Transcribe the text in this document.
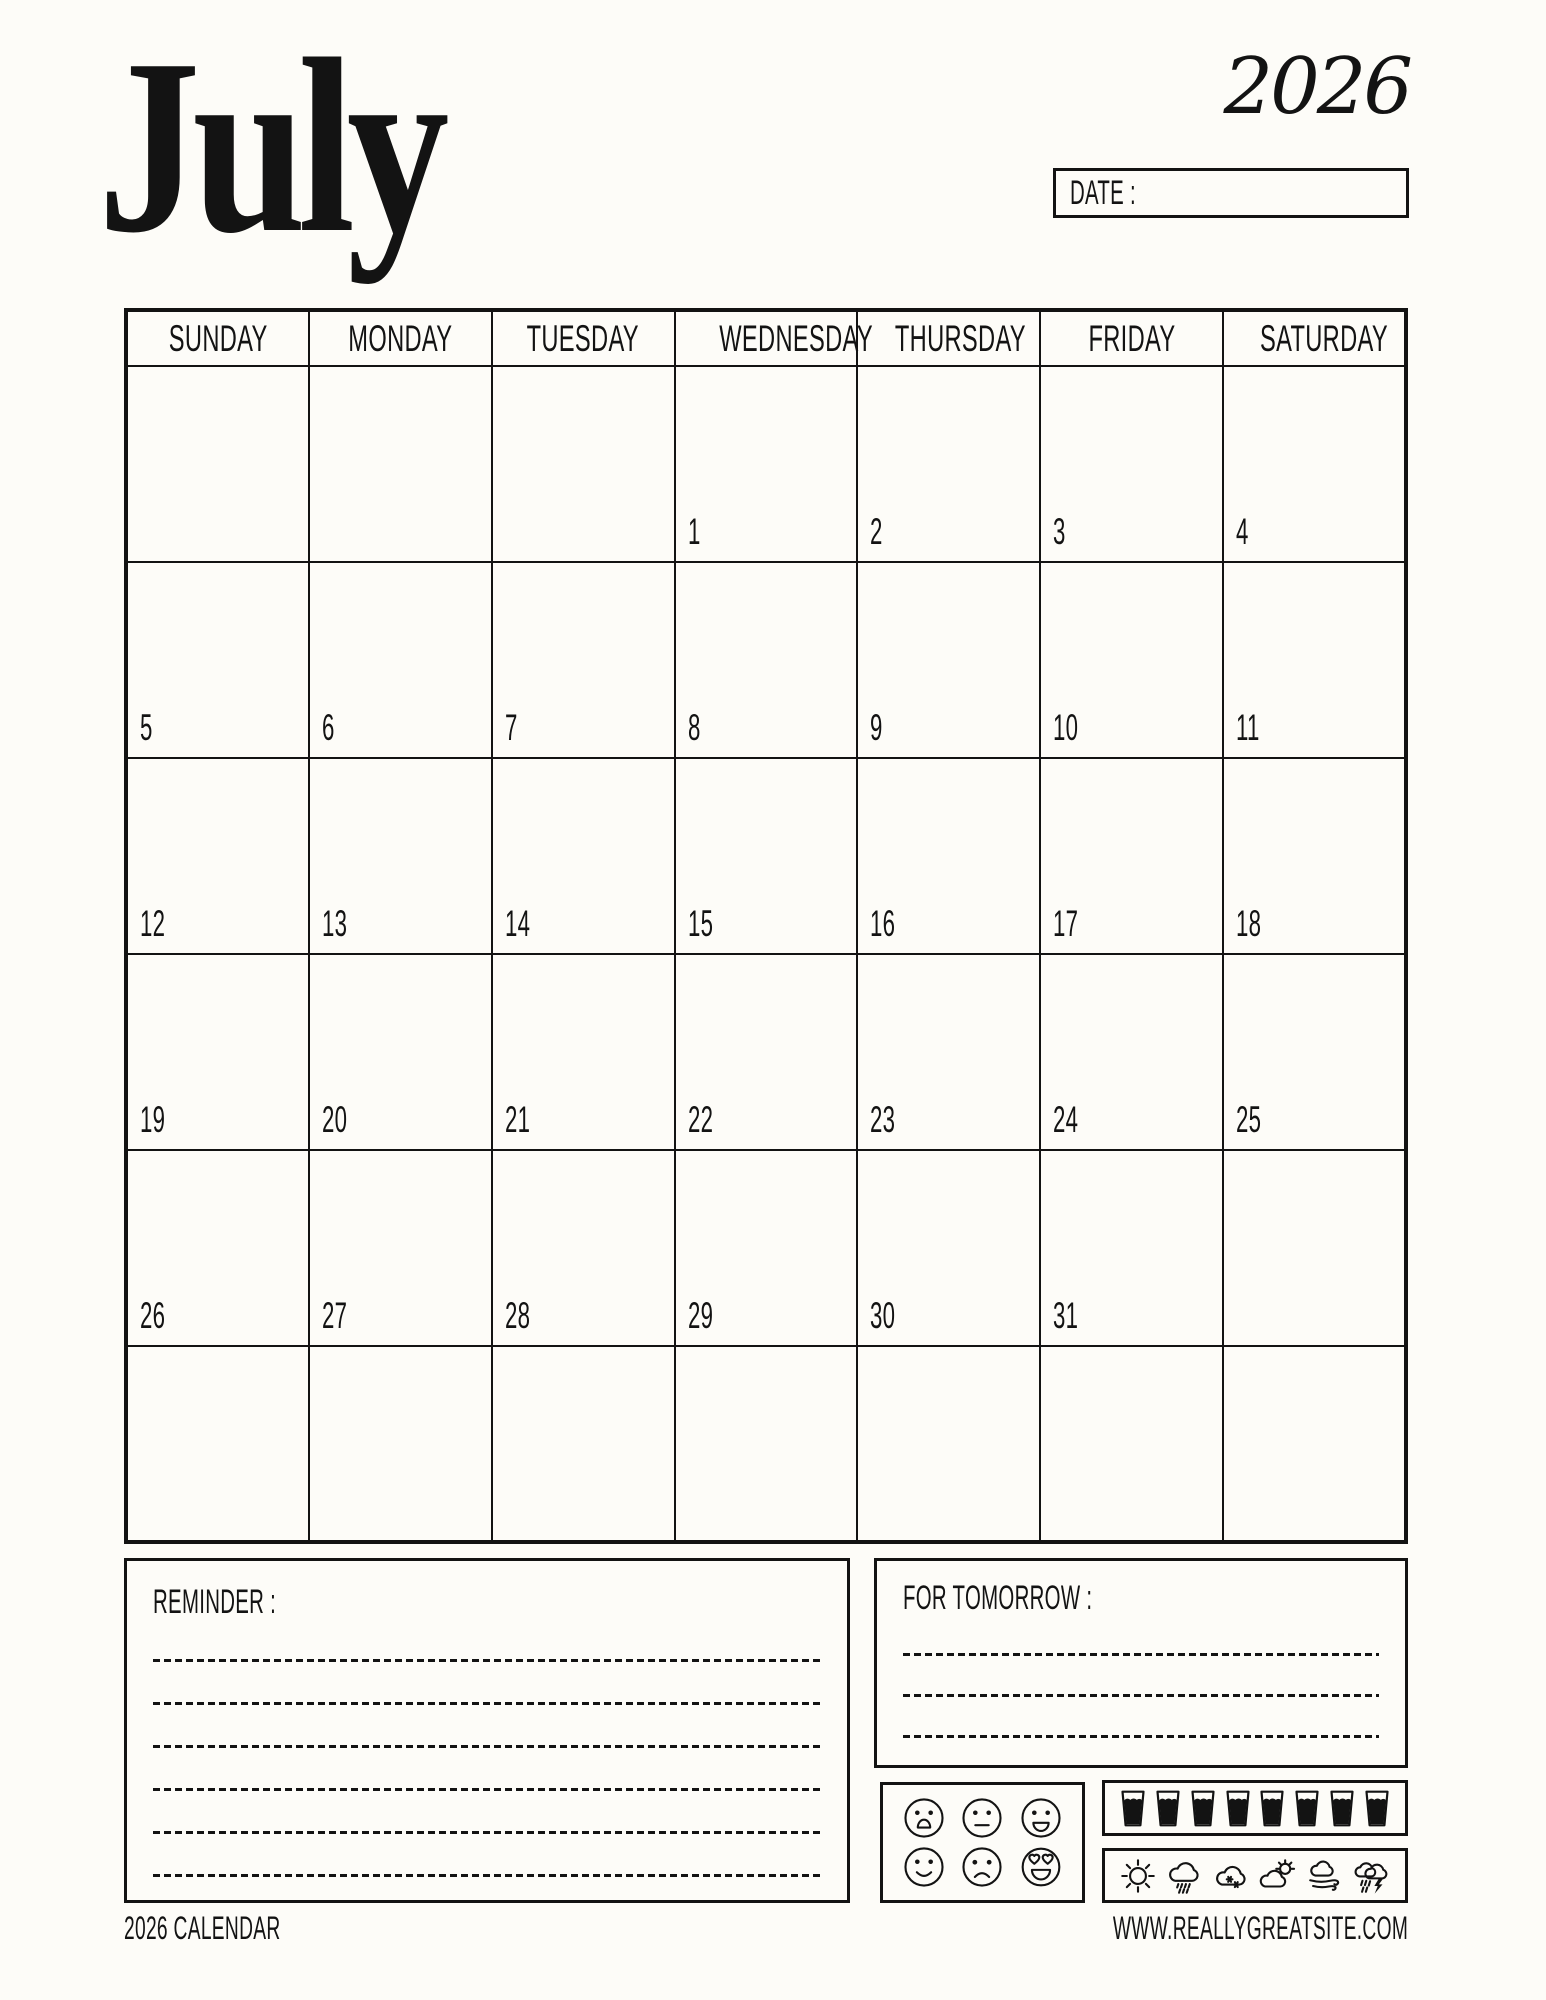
July	2026
DATE :
SUNDAY	MONDAY	TUESDAY	WEDNESDAY	THURSDAY	FRIDAY	SATURDAY
			1	2	3	4
5	6	7	8	9	10	11
12	13	14	15	16	17	18
19	20	21	22	23	24	25
26	27	28	29	30	31	

REMINDER :	FOR TOMORROW :
2026 CALENDAR	WWW.REALLYGREATSITE.COM
